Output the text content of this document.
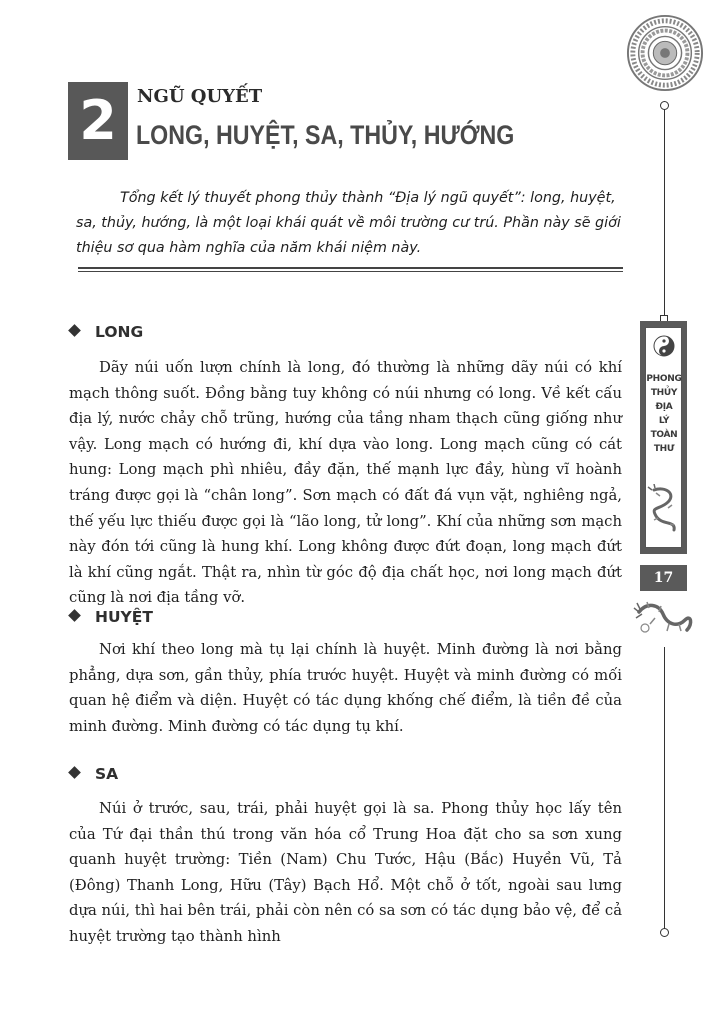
2	NGŨ QUYẾT
LONG, HUYỆT, SA, THỦY, HƯỚNG
Tổng kết lý thuyết phong thủy thành “Địa lý ngũ quyết”: long, huyệt, sa, thủy, hướng, là một loại khái quát về môi trường cư trú. Phần này sẽ giới thiệu sơ qua hàm nghĩa của năm khái niệm này.
LONG
Dãy núi uốn lượn chính là long, đó thường là những dãy núi có khí mạch thông suốt. Đồng bằng tuy không có núi nhưng có long. Về kết cấu địa lý, nước chảy chỗ trũng, hướng của tầng nham thạch cũng giống như vậy. Long mạch có hướng đi, khí dựa vào long. Long mạch cũng có cát hung: Long mạch phì nhiêu, đầy đặn, thế mạnh lực đầy, hùng vĩ hoành tráng được gọi là “chân long”. Sơn mạch có đất đá vụn vặt, nghiêng ngả, thế yếu lực thiếu được gọi là “lão long, tử long”. Khí của những sơn mạch này đón tới cũng là hung khí. Long không được đứt đoạn, long mạch đứt là khí cũng ngắt. Thật ra, nhìn từ góc độ địa chất học, nơi long mạch đứt cũng là nơi địa tầng vỡ.
HUYỆT
Nơi khí theo long mà tụ lại chính là huyệt. Minh đường là nơi bằng phẳng, dựa sơn, gần thủy, phía trước huyệt. Huyệt và minh đường có mối quan hệ điểm và diện. Huyệt có tác dụng khống chế điểm, là tiền đề của minh đường. Minh đường có tác dụng tụ khí.
SA
Núi ở trước, sau, trái, phải huyệt gọi là sa. Phong thủy học lấy tên của Tứ đại thần thú trong văn hóa cổ Trung Hoa đặt cho sa sơn xung quanh huyệt trường: Tiền (Nam) Chu Tước, Hậu (Bắc) Huyền Vũ, Tả (Đông) Thanh Long, Hữu (Tây) Bạch Hổ. Một chỗ ở tốt, ngoài sau lưng dựa núi, thì hai bên trái, phải còn nên có sa sơn có tác dụng bảo vệ, để cả huyệt trường tạo thành hình
PHONG
THỦY
ĐỊA
LÝ
TOÀN
THƯ
17
